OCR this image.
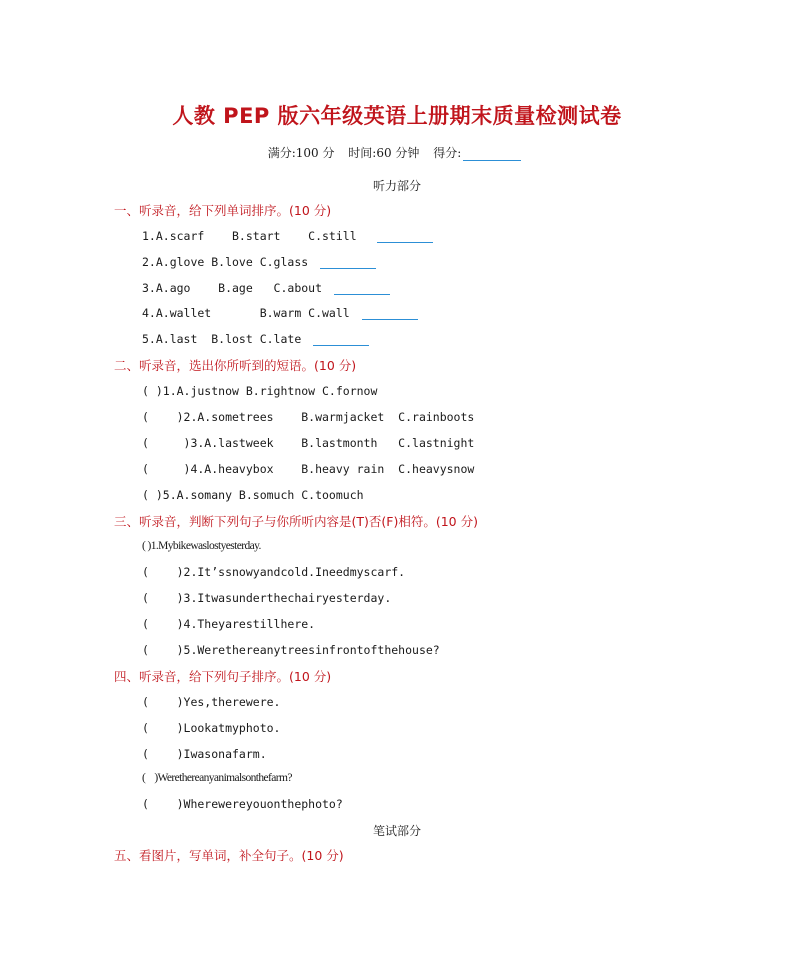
人教 PEP 版六年级英语上册期末质量检测试卷
满分:100 分 时间:60 分钟 得分:
听力部分
一、听录音，给下列单词排序。(10 分)
1.A.scarf    B.start    C.still
2.A.glove B.love C.glass
3.A.ago    B.age   C.about
4.A.wallet       B.warm C.wall
5.A.last  B.lost C.late
二、听录音，选出你所听到的短语。(10 分)
( )1.A.justnow B.rightnow C.fornow
(    )2.A.sometrees    B.warmjacket  C.rainboots
(     )3.A.lastweek    B.lastmonth   C.lastnight
(     )4.A.heavybox    B.heavy rain  C.heavysnow
( )5.A.somany B.somuch C.toomuch
三、听录音，判断下列句子与你所听内容是(T)否(F)相符。(10 分)
( )1.Mybikewaslostyesterday.
(    )2.It’ssnowyandcold.Ineedmyscarf.
(    )3.Itwasunderthechairyesterday.
(    )4.Theyarestillhere.
(    )5.Werethereanytreesinfrontofthehouse?
四、听录音，给下列句子排序。(10 分)
(    )Yes,therewere.
(    )Lookatmyphoto.
(    )Iwasonafarm.
(    )Werethereanyanimalsonthefarm?
(    )Wherewereyouonthephoto?
笔试部分
五、看图片，写单词，补全句子。(10 分)
